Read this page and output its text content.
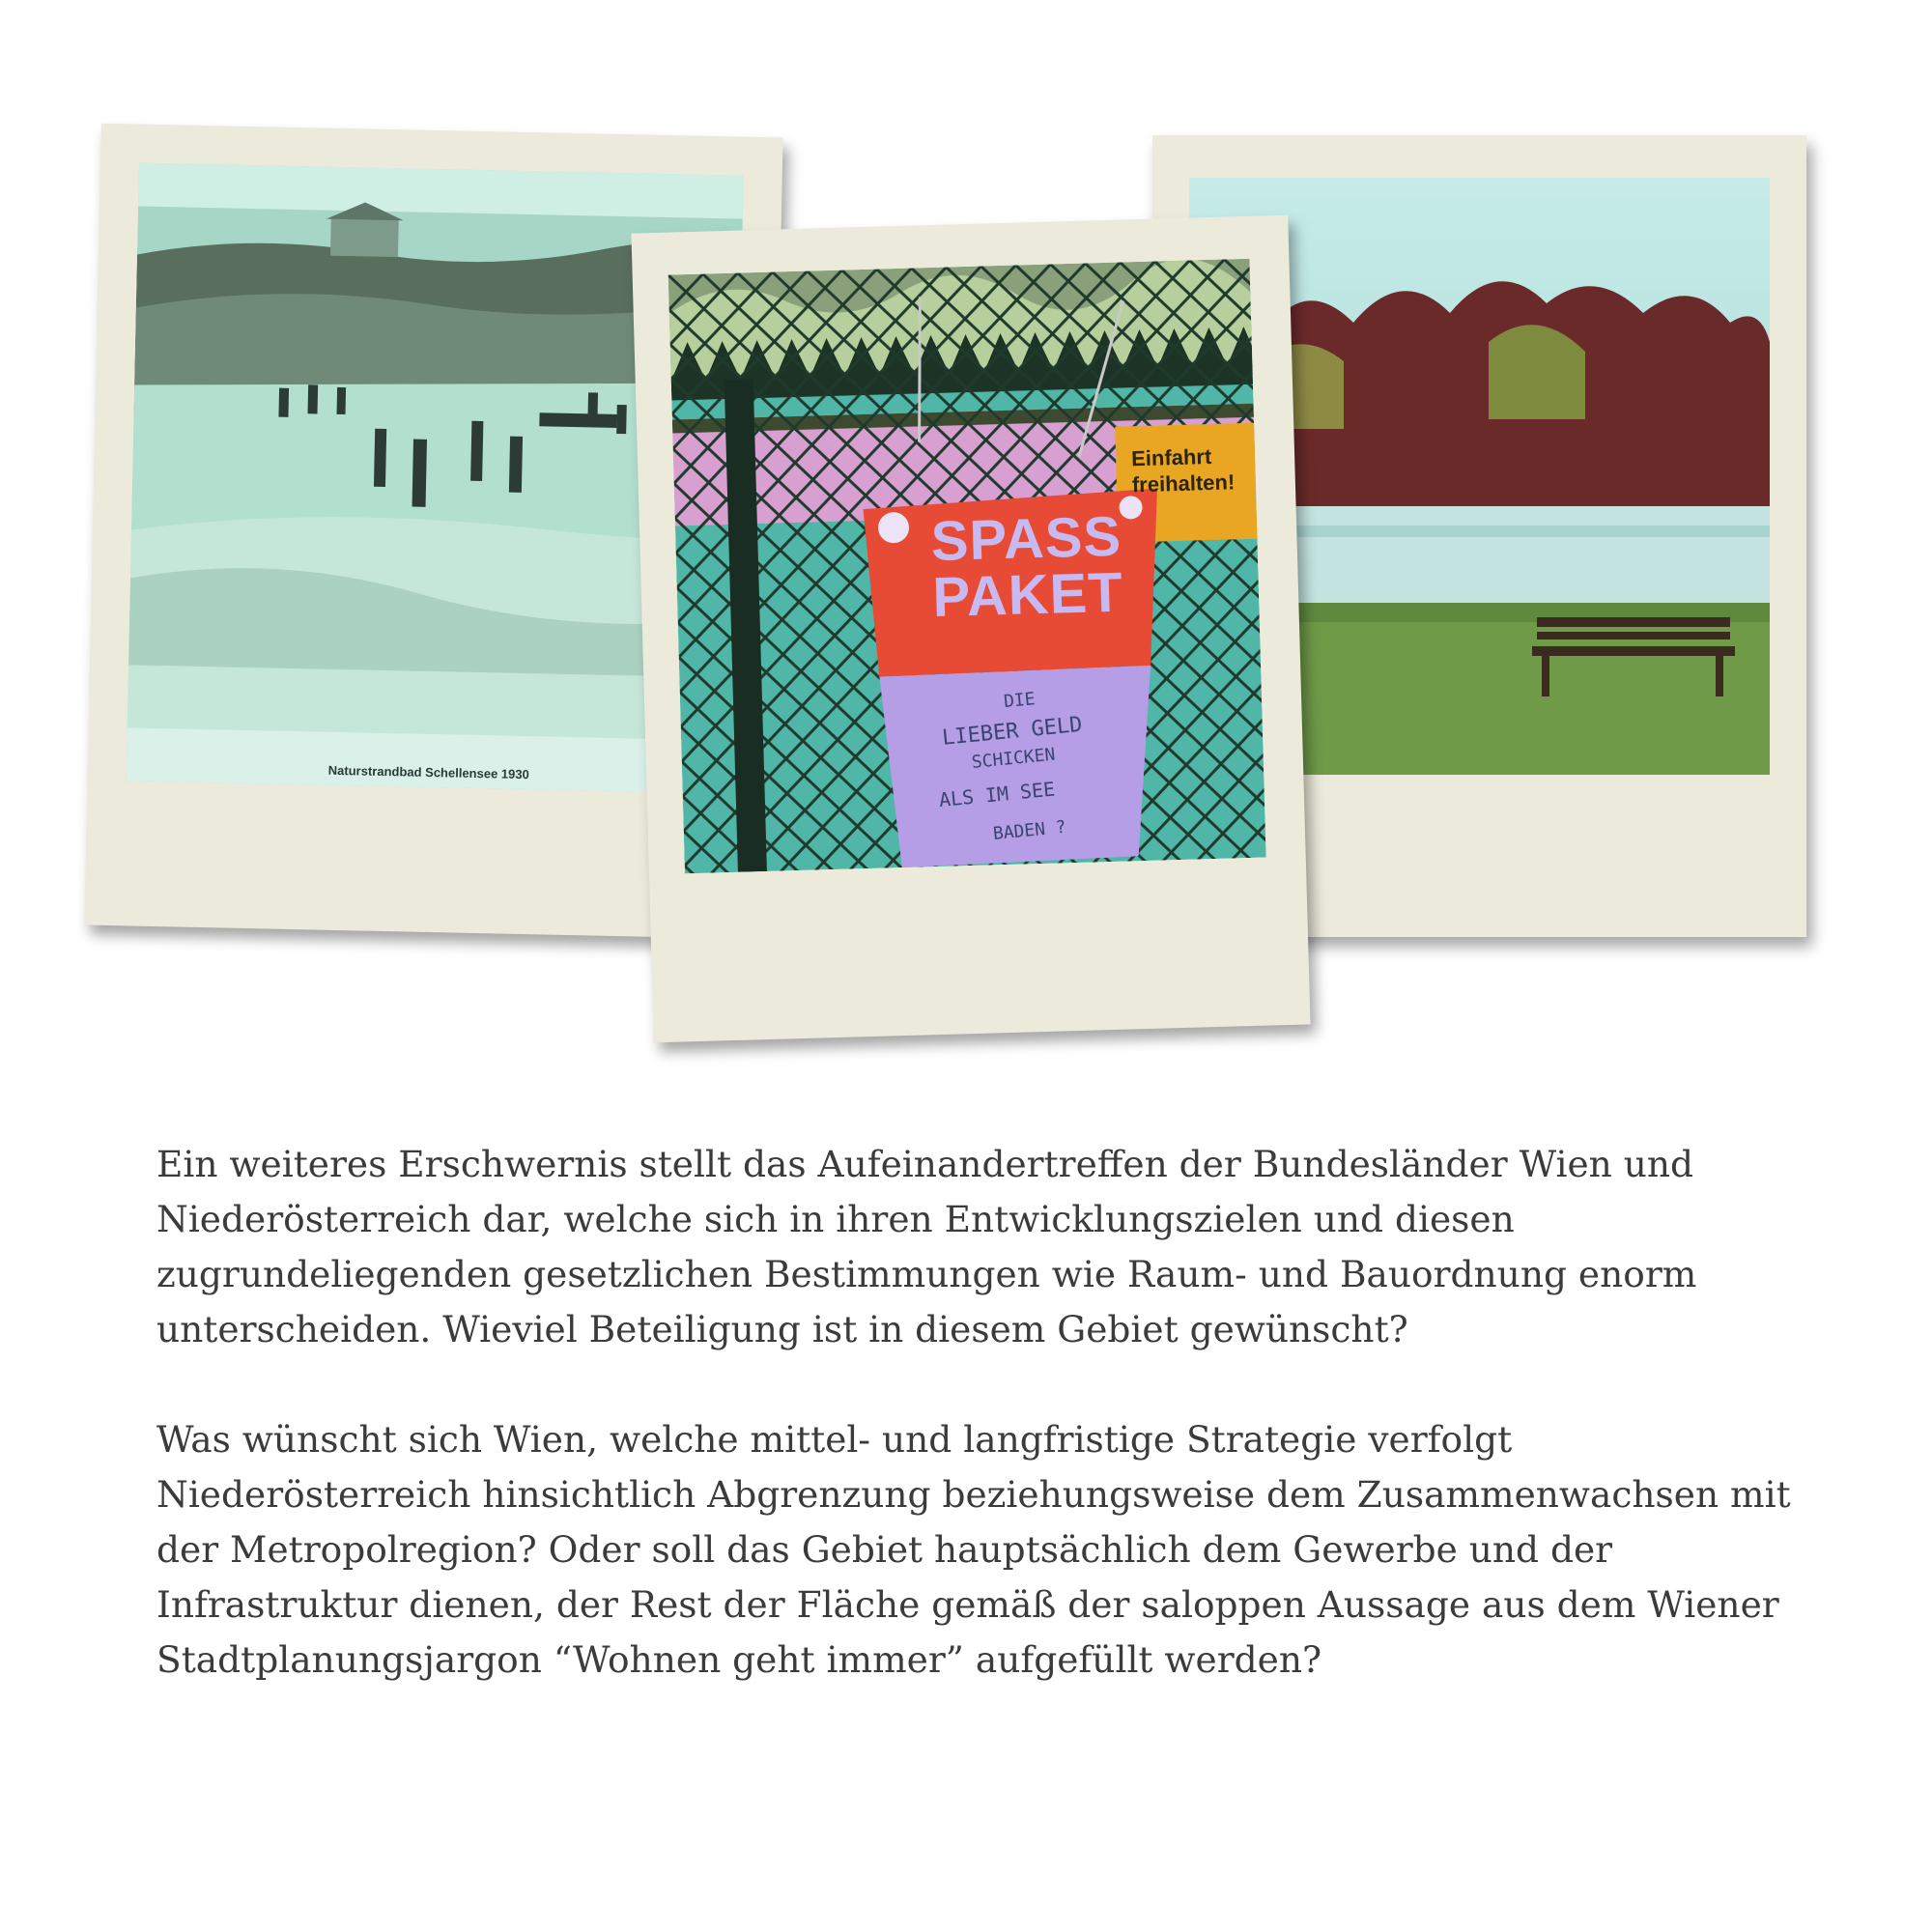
Naturstrandbad Schellensee 1930
Einfahrt freihalten!
SPASS PAKET
DIE
LIEBER GELD
SCHICKEN
ALS IM SEE
BADEN ?

Ein weiteres Erschwernis stellt das Aufeinandertreffen der Bundesländer Wien und Niederösterreich dar, welche sich in ihren Entwicklungszielen und diesen zugrundeliegenden gesetzlichen Bestimmungen wie Raum- und Bauordnung enorm unterscheiden. Wieviel Beteiligung ist in diesem Gebiet gewünscht?

Was wünscht sich Wien, welche mittel- und langfristige Strategie verfolgt Niederösterreich hinsichtlich Abgrenzung beziehungsweise dem Zusammenwachsen mit der Metropolregion? Oder soll das Gebiet hauptsächlich dem Gewerbe und der Infrastruktur dienen, der Rest der Fläche gemäß der saloppen Aussage aus dem Wiener Stadtplanungsjargon “Wohnen geht immer” aufgefüllt werden?
